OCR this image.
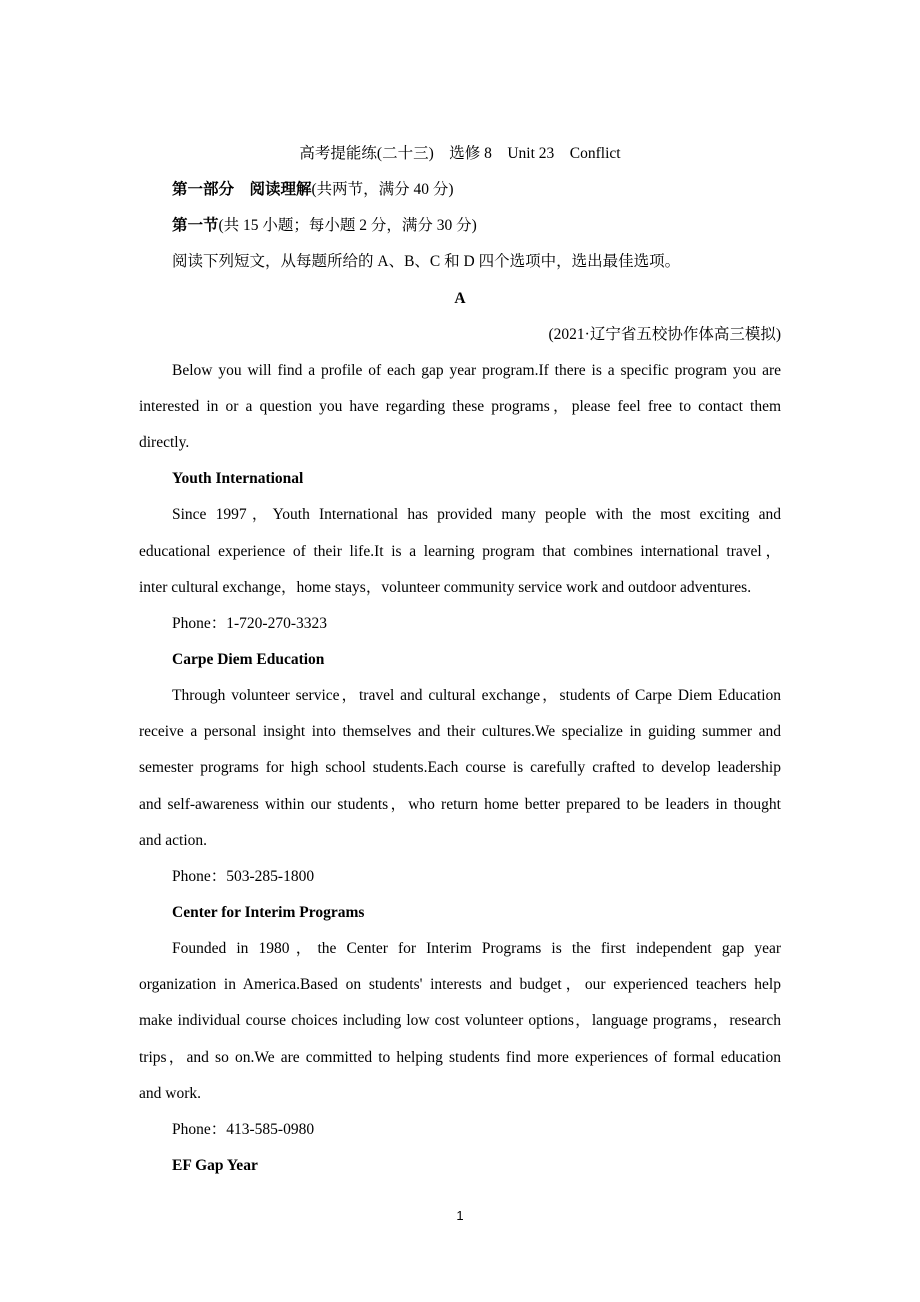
高考提能练(二十三)　选修 8　Unit 23　Conflict
第一部分　阅读理解(共两节，满分 40 分)
第一节(共 15 小题；每小题 2 分，满分 30 分)
阅读下列短文，从每题所给的 A、B、C 和 D 四个选项中，选出最佳选项。
A
(2021·辽宁省五校协作体高三模拟)
Below you will find a profile of each gap year program.If there is a specific program you are
interested in or a question you have regarding these programs，please feel free to contact them
directly.
Youth International
Since 1997，Youth International has provided many people with the most exciting and
educational experience of their life.It is a learning program that combines international travel，
inter cultural exchange，home stays，volunteer community service work and outdoor adventures.
Phone：1-720-270-3323
Carpe Diem Education
Through volunteer service，travel and cultural exchange，students of Carpe Diem Education
receive a personal insight into themselves and their cultures.We specialize in guiding summer and
semester programs for high school students.Each course is carefully crafted to develop leadership
and self-awareness within our students，who return home better prepared to be leaders in thought
and action.
Phone：503-285-1800
Center for Interim Programs
Founded in 1980，the Center for Interim Programs is the first independent gap year
organization in America.Based on students' interests and budget，our experienced teachers help
make individual course choices including low cost volunteer options，language programs，research
trips，and so on.We are committed to helping students find more experiences of formal education
and work.
Phone：413-585-0980
EF Gap Year
1
